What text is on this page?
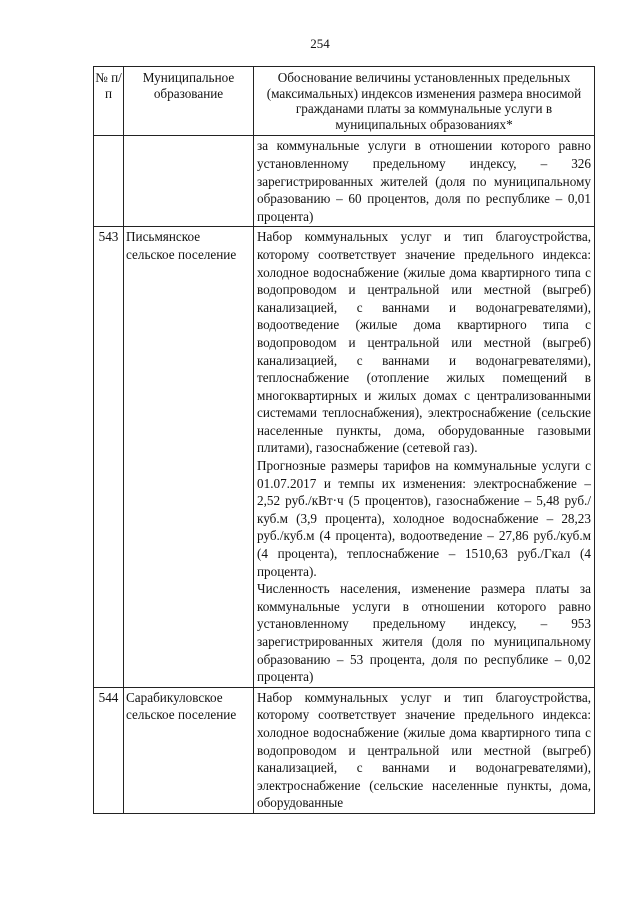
254
№ п/п	Муниципальное образование	Обоснование величины установленных предельных (максимальных) индексов изменения размера вносимой гражданами платы за коммунальные услуги в муниципальных образованиях*

		за коммунальные услуги в отношении которого равно установленному предельному индексу, – 326 зарегистрированных жителей (доля по муниципальному образованию – 60 процентов, доля по республике – 0,01 процента)

543	Письмянское сельское поселение	Набор коммунальных услуг и тип благоустройства, которому соответствует значение предельного индекса: холодное водоснабжение (жилые дома квартирного типа с водопроводом и центральной или местной (выгреб) канализацией, с ваннами и водонагревателями), водоотведение (жилые дома квартирного типа с водопроводом и центральной или местной (выгреб) канализацией, с ваннами и водонагревателями), теплоснабжение (отопление жилых помещений в многоквартирных и жилых домах с централизованными системами теплоснабжения), электроснабжение (сельские населенные пункты, дома, оборудованные газовыми плитами), газоснабжение (сетевой газ).

Прогнозные размеры тарифов на коммунальные услуги с 01.07.2017 и темпы их изменения: электроснабжение – 2,52 руб./кВт·ч (5 процентов), газоснабжение – 5,48 руб./куб.м (3,9 процента), холодное водоснабжение – 28,23 руб./куб.м (4 процента), водоотведение – 27,86 руб./куб.м (4 процента), теплоснабжение – 1510,63 руб./Гкал (4 процента).

Численность населения, изменение размера платы за коммунальные услуги в отношении которого равно установленному предельному индексу, – 953 зарегистрированных жителя (доля по муниципальному образованию – 53 процента, доля по республике – 0,02 процента)

544	Сарабикуловское сельское поселение	Набор коммунальных услуг и тип благоустройства, которому соответствует значение предельного индекса: холодное водоснабжение (жилые дома квартирного типа с водопроводом и центральной или местной (выгреб) канализацией, с ваннами и водонагревателями), электроснабжение (сельские населенные пункты, дома, оборудованные
